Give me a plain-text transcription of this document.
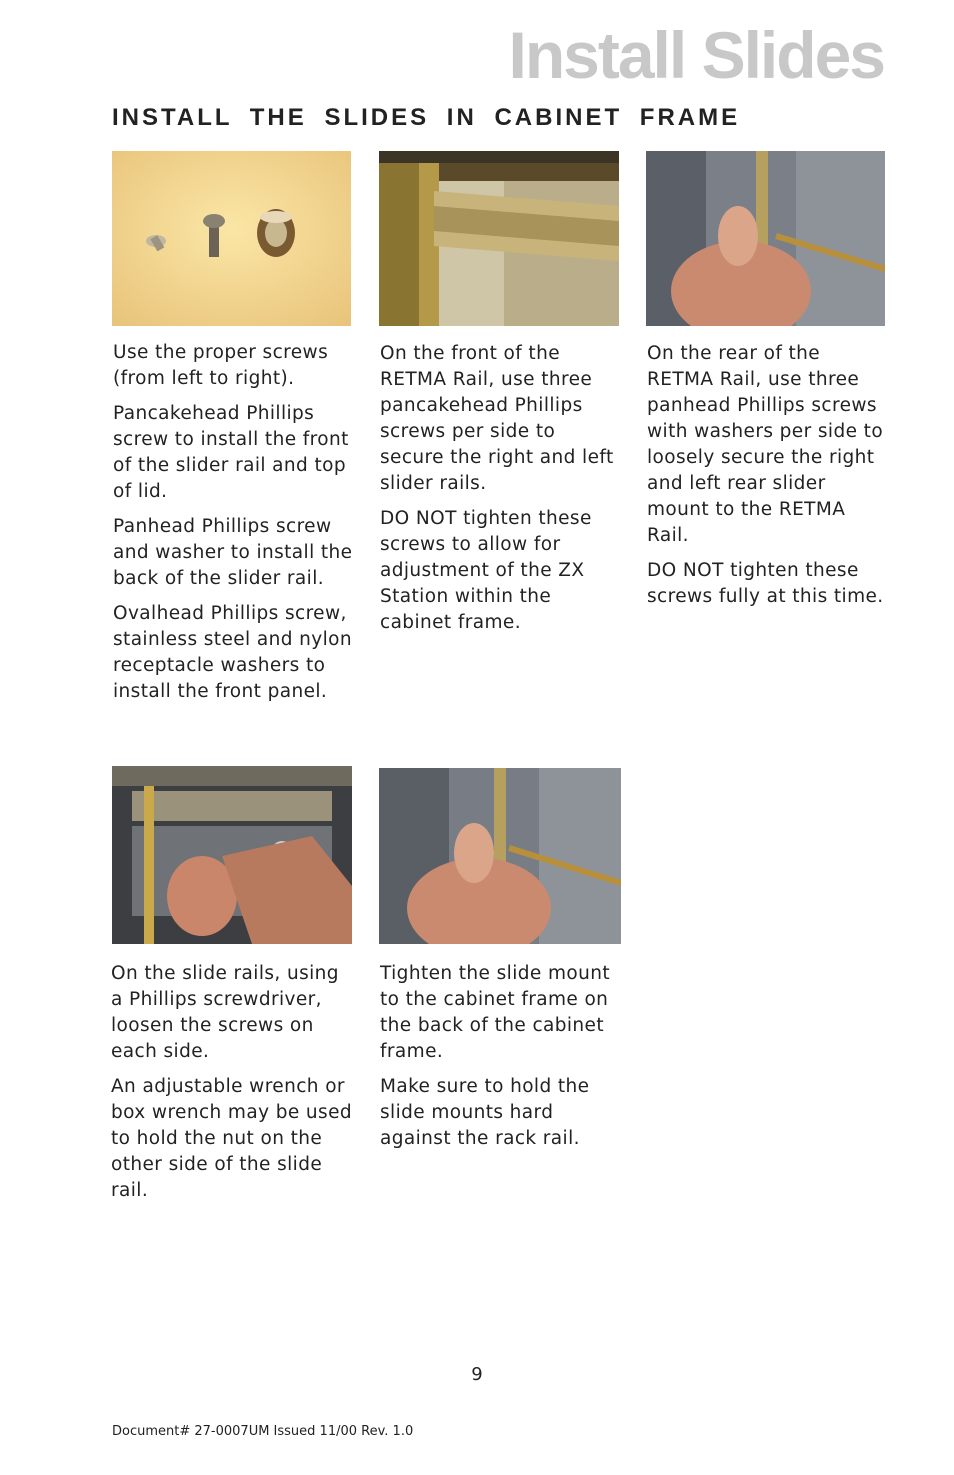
Install Slides
INSTALL THE SLIDES IN CABINET FRAME

Use the proper screws (from left to right).

Pancakehead Phillips screw to install the front of the slider rail and top of lid.

Panhead Phillips screw and washer to install the back of the slider rail.

Ovalhead Phillips screw, stainless steel and nylon receptacle washers to install the front panel.

On the front of the RETMA Rail, use three pancakehead Phillips screws per side to secure the right and left slider rails.

DO NOT tighten these screws to allow for adjustment of the ZX Station within the cabinet frame.

On the rear of the RETMA Rail, use three panhead Phillips screws with washers per side to loosely secure the right and left rear slider mount to the RETMA Rail.

DO NOT tighten these screws fully at this time.

On the slide rails, using a Phillips screwdriver, loosen the screws on each side.

An adjustable wrench or box wrench may be used to hold the nut on the other side of the slide rail.

Tighten the slide mount to the cabinet frame on the back of the cabinet frame.

Make sure to hold the slide mounts hard against the rack rail.

9
Document# 27-0007UM Issued 11/00 Rev. 1.0
